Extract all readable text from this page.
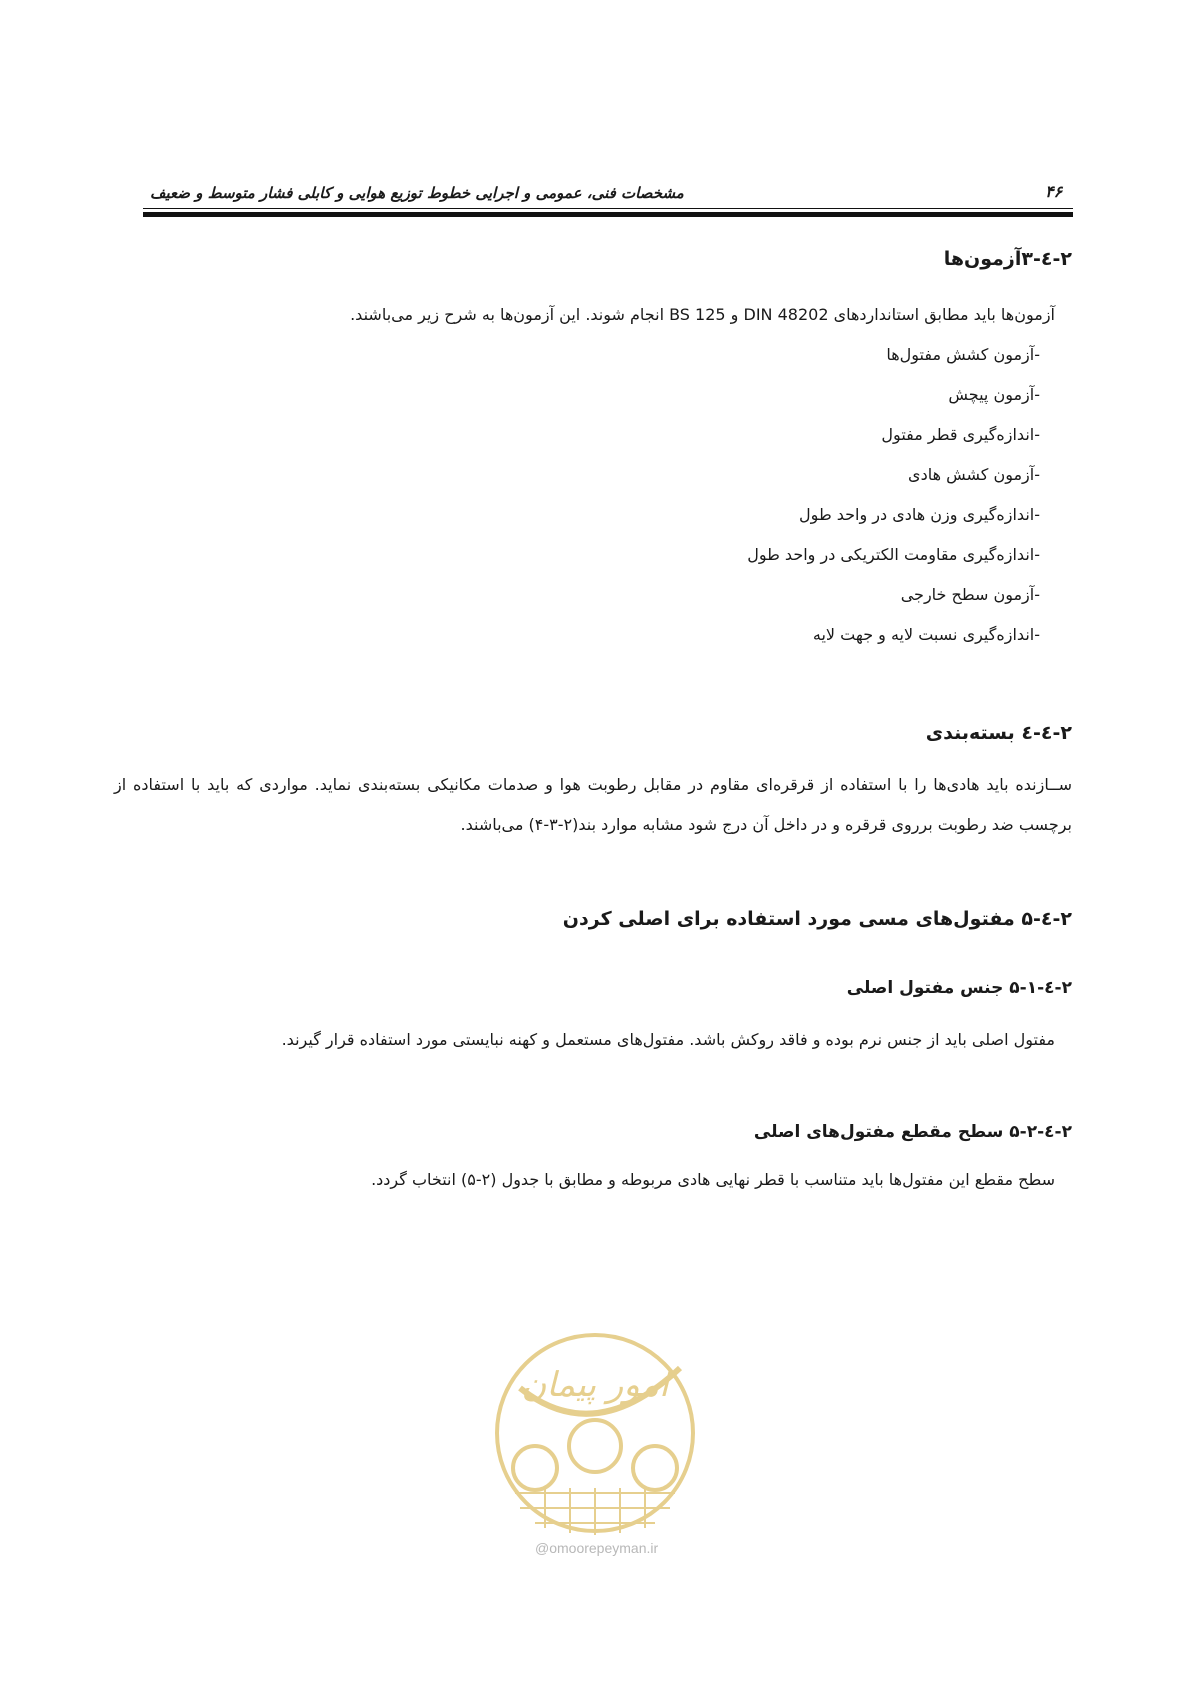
مشخصات فنی، عمومی و اجرایی خطوط توزیع هوایی و کابلی فشار متوسط و ضعیف	۴۶
۲-٤-۳آزمون‌ها
آزمون‌ها باید مطابق استانداردهای DIN 48202 و BS 125 انجام شوند. این آزمون‌ها به شرح زیر می‌باشند.
-آزمون کشش مفتول‌ها
-آزمون پیچش
-اندازه‌گیری قطر مفتول
-آزمون کشش هادی
-اندازه‌گیری وزن هادی در واحد طول
-اندازه‌گیری مقاومت الکتریکی در واحد طول
-آزمون سطح خارجی
-اندازه‌گیری نسبت لایه و جهت لایه
۲-٤-٤ بسته‌بندی
ســازنده باید هادی‌ها را با استفاده از قرقره‌ای مقاوم در مقابل رطوبت هوا و صدمات مکانیکی بسته‌بندی نماید. مواردی که باید با استفاده از برچسب ضد رطوبت برروی قرقره و در داخل آن درج شود مشابه موارد بند(۲-۳-۴) می‌باشند.
۲-٤-۵ مفتول‌های مسی مورد استفاده برای اصلی کردن
۲-٤-۵-۱ جنس مفتول اصلی
مفتول اصلی باید از جنس نرم بوده و فاقد روکش باشد. مفتول‌های مستعمل و کهنه نبایستی مورد استفاده قرار گیرند.
۲-٤-۵-۲ سطح مقطع مفتول‌های اصلی
سطح مقطع این مفتول‌ها باید متناسب با قطر نهایی هادی مربوطه و مطابق با جدول (۲-۵) انتخاب گردد.
امور پیمان
@omoorepeyman.ir
